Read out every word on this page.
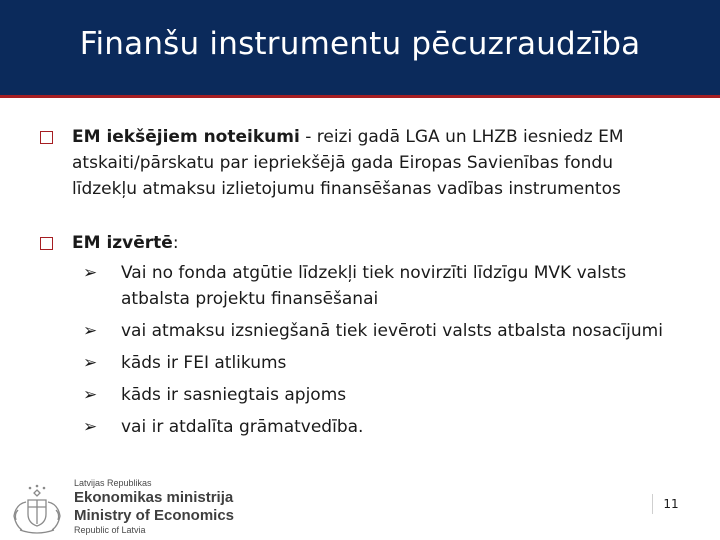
Finanšu instrumentu pēcuzraudzība
EM iekšējiem noteikumi - reizi gadā LGA un LHZB iesniedz EM atskaiti/pārskatu par iepriekšējā gada Eiropas Savienības fondu līdzekļu atmaksu izlietojumu finansēšanas vadības instrumentos
EM izvērtē:
➢	Vai no fonda atgūtie līdzekļi tiek novirzīti līdzīgu MVK valsts atbalsta projektu finansēšanai
➢	vai atmaksu izsniegšanā tiek ievēroti valsts atbalsta nosacījumi
➢	kāds ir FEI atlikums
➢	kāds ir sasniegtais apjoms
➢	vai ir atdalīta grāmatvedība.
Latvijas Republikas
Ekonomikas ministrija
Ministry of Economics
Republic of Latvia
11
